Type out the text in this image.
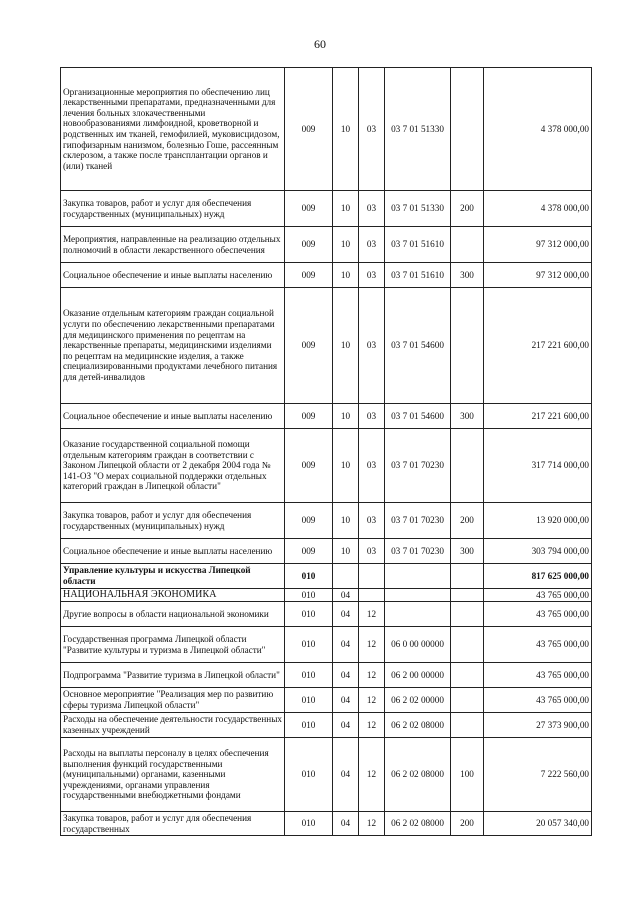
60
Организационные мероприятия по обеспечению лиц лекарственными препаратами, предназначенными для лечения больных злокачественными новообразованиями лимфоидной, кроветворной и родственных им тканей, гемофилией, муковисцидозом, гипофизарным нанизмом, болезнью Гоше, рассеянным склерозом, а также после трансплантации органов и (или) тканей	009	10	03	03 7 01 51330		4 378 000,00
Закупка товаров, работ и услуг для обеспечения государственных (муниципальных) нужд	009	10	03	03 7 01 51330	200	4 378 000,00
Мероприятия, направленные на реализацию отдельных полномочий в области лекарственного обеспечения	009	10	03	03 7 01 51610		97 312 000,00
Социальное обеспечение и иные выплаты населению	009	10	03	03 7 01 51610	300	97 312 000,00
Оказание отдельным категориям граждан социальной услуги по обеспечению лекарственными препаратами для медицинского применения по рецептам на лекарственные препараты, медицинскими изделиями по рецептам на медицинские изделия, а также специализированными продуктами лечебного питания для детей-инвалидов	009	10	03	03 7 01 54600		217 221 600,00
Социальное обеспечение и иные выплаты населению	009	10	03	03 7 01 54600	300	217 221 600,00
Оказание государственной социальной помощи отдельным категориям граждан в соответствии с Законом Липецкой области от 2 декабря 2004 года № 141-ОЗ "О мерах социальной поддержки отдельных категорий граждан в Липецкой области"	009	10	03	03 7 01 70230		317 714 000,00
Закупка товаров, работ и услуг для обеспечения государственных (муниципальных) нужд	009	10	03	03 7 01 70230	200	13 920 000,00
Социальное обеспечение и иные выплаты населению	009	10	03	03 7 01 70230	300	303 794 000,00
Управление культуры и искусства Липецкой области	010					817 625 000,00
НАЦИОНАЛЬНАЯ ЭКОНОМИКА	010	04				43 765 000,00
Другие вопросы в области национальной экономики	010	04	12			43 765 000,00
Государственная программа Липецкой области "Развитие культуры и туризма в Липецкой области"	010	04	12	06 0 00 00000		43 765 000,00
Подпрограмма "Развитие туризма в Липецкой области"	010	04	12	06 2 00 00000		43 765 000,00
Основное мероприятие "Реализация мер по развитию сферы туризма Липецкой области"	010	04	12	06 2 02 00000		43 765 000,00
Расходы на обеспечение деятельности государственных казенных учреждений	010	04	12	06 2 02 08000		27 373 900,00
Расходы на выплаты персоналу в целях обеспечения выполнения функций государственными (муниципальными) органами, казенными учреждениями, органами управления государственными внебюджетными фондами	010	04	12	06 2 02 08000	100	7 222 560,00
Закупка товаров, работ и услуг для обеспечения государственных	010	04	12	06 2 02 08000	200	20 057 340,00
